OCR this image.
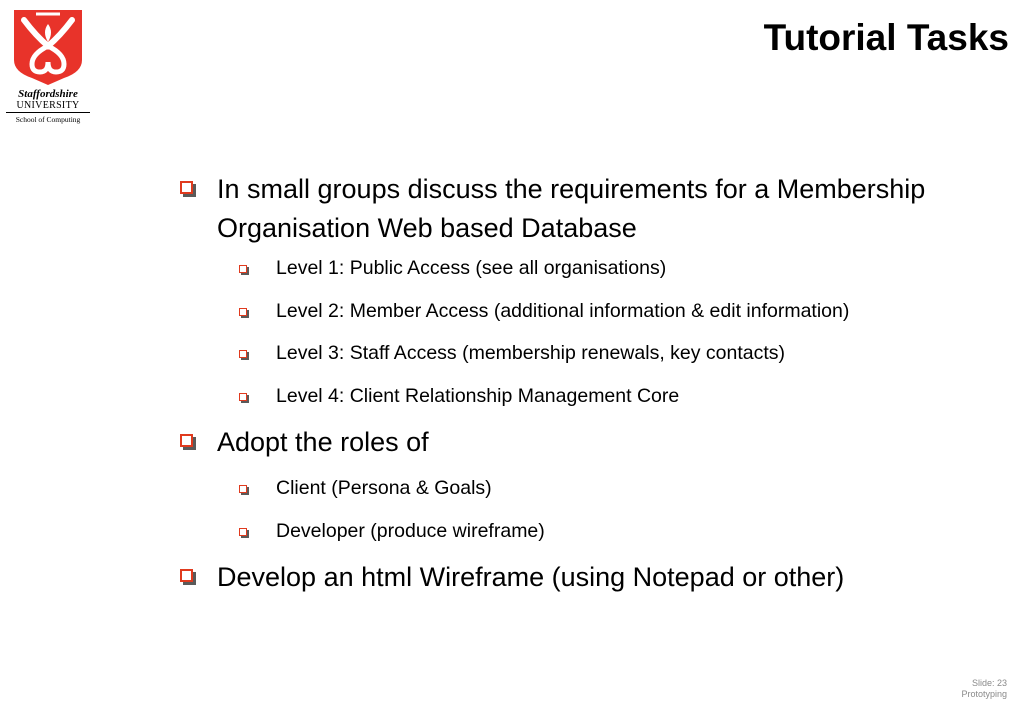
Staffordshire
UNIVERSITY
School of Computing
Tutorial Tasks
In small groups discuss the requirements for a Membership Organisation Web based Database
Level 1: Public Access (see all organisations)
Level 2: Member Access (additional information & edit information)
Level 3: Staff Access (membership renewals, key contacts)
Level 4: Client Relationship Management Core
Adopt the roles of
Client (Persona & Goals)
Developer (produce wireframe)
Develop an html Wireframe (using Notepad or other)
Slide: 23
Prototyping
